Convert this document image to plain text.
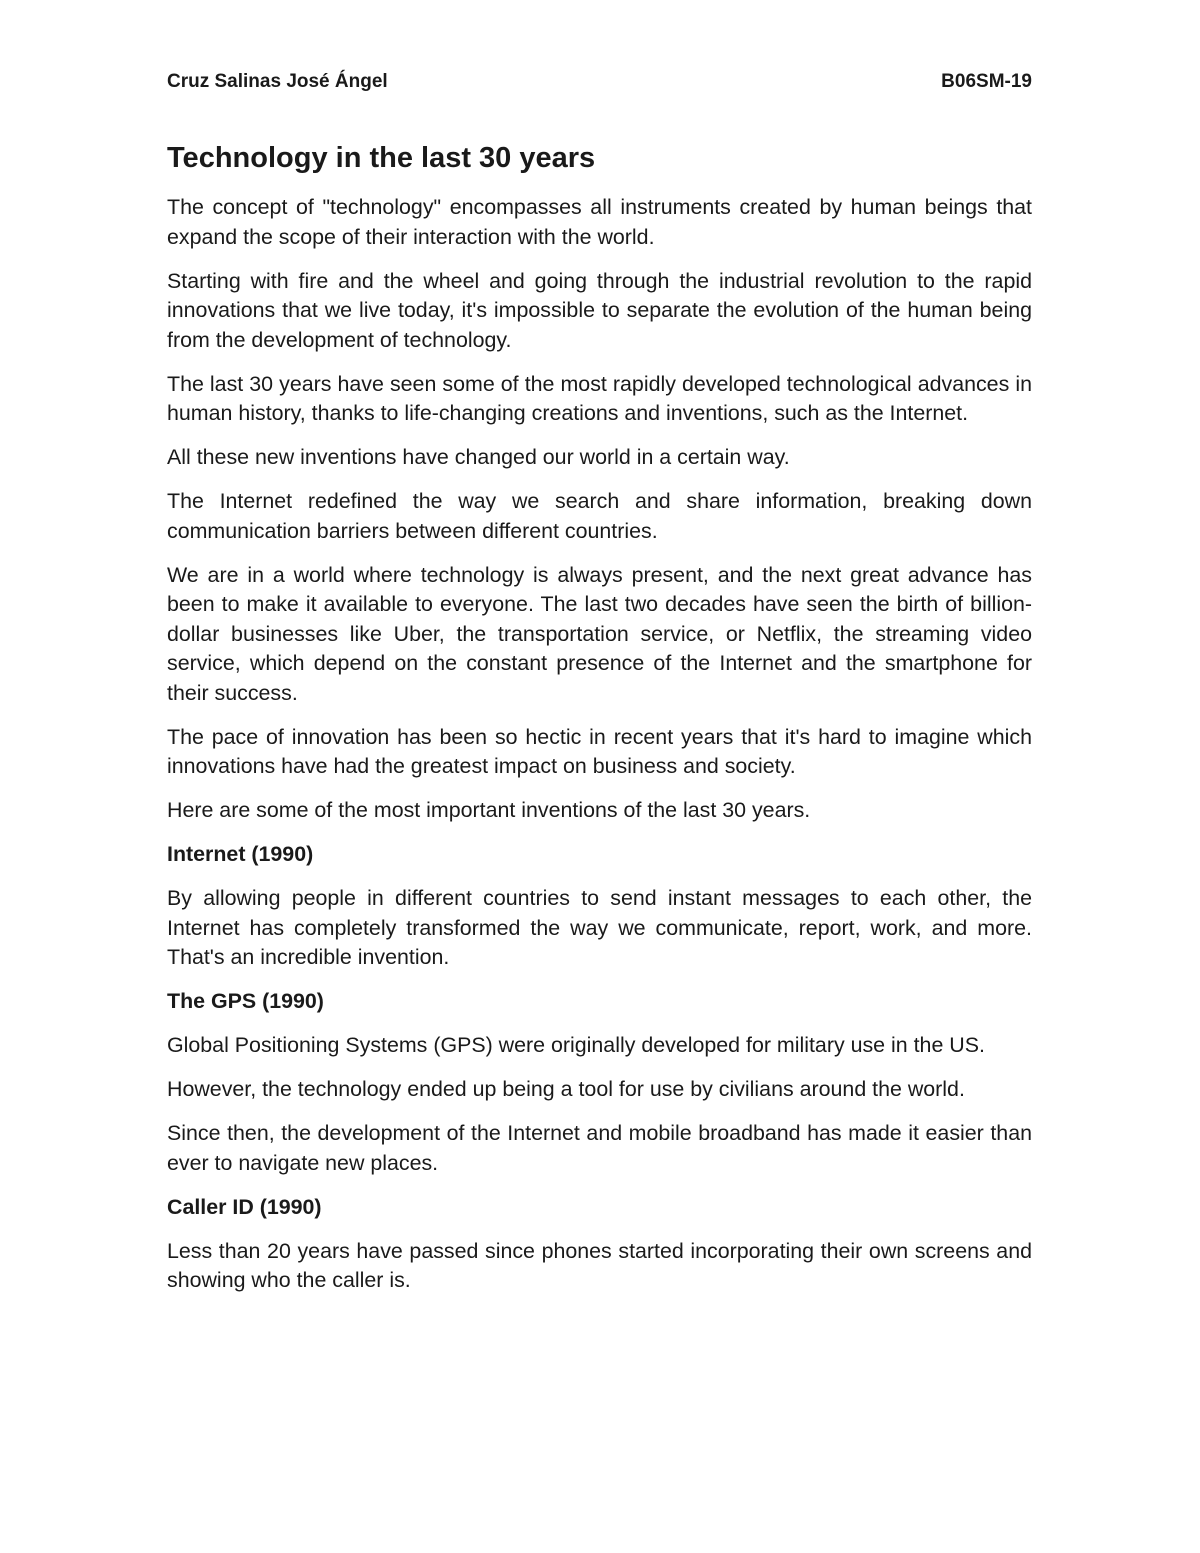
Cruz Salinas José Ángel	B06SM-19
Technology in the last 30 years

The concept of "technology" encompasses all instruments created by human beings that expand the scope of their interaction with the world.

Starting with fire and the wheel and going through the industrial revolution to the rapid innovations that we live today, it's impossible to separate the evolution of the human being from the development of technology.

The last 30 years have seen some of the most rapidly developed technological advances in human history, thanks to life-changing creations and inventions, such as the Internet.

All these new inventions have changed our world in a certain way.

The Internet redefined the way we search and share information, breaking down communication barriers between different countries.

We are in a world where technology is always present, and the next great advance has been to make it available to everyone. The last two decades have seen the birth of billion-dollar businesses like Uber, the transportation service, or Netflix, the streaming video service, which depend on the constant presence of the Internet and the smartphone for their success.

The pace of innovation has been so hectic in recent years that it's hard to imagine which innovations have had the greatest impact on business and society.

Here are some of the most important inventions of the last 30 years.

Internet (1990)

By allowing people in different countries to send instant messages to each other, the Internet has completely transformed the way we communicate, report, work, and more. That's an incredible invention.

The GPS (1990)

Global Positioning Systems (GPS) were originally developed for military use in the US.

However, the technology ended up being a tool for use by civilians around the world.

Since then, the development of the Internet and mobile broadband has made it easier than ever to navigate new places.

Caller ID (1990)

Less than 20 years have passed since phones started incorporating their own screens and showing who the caller is.
